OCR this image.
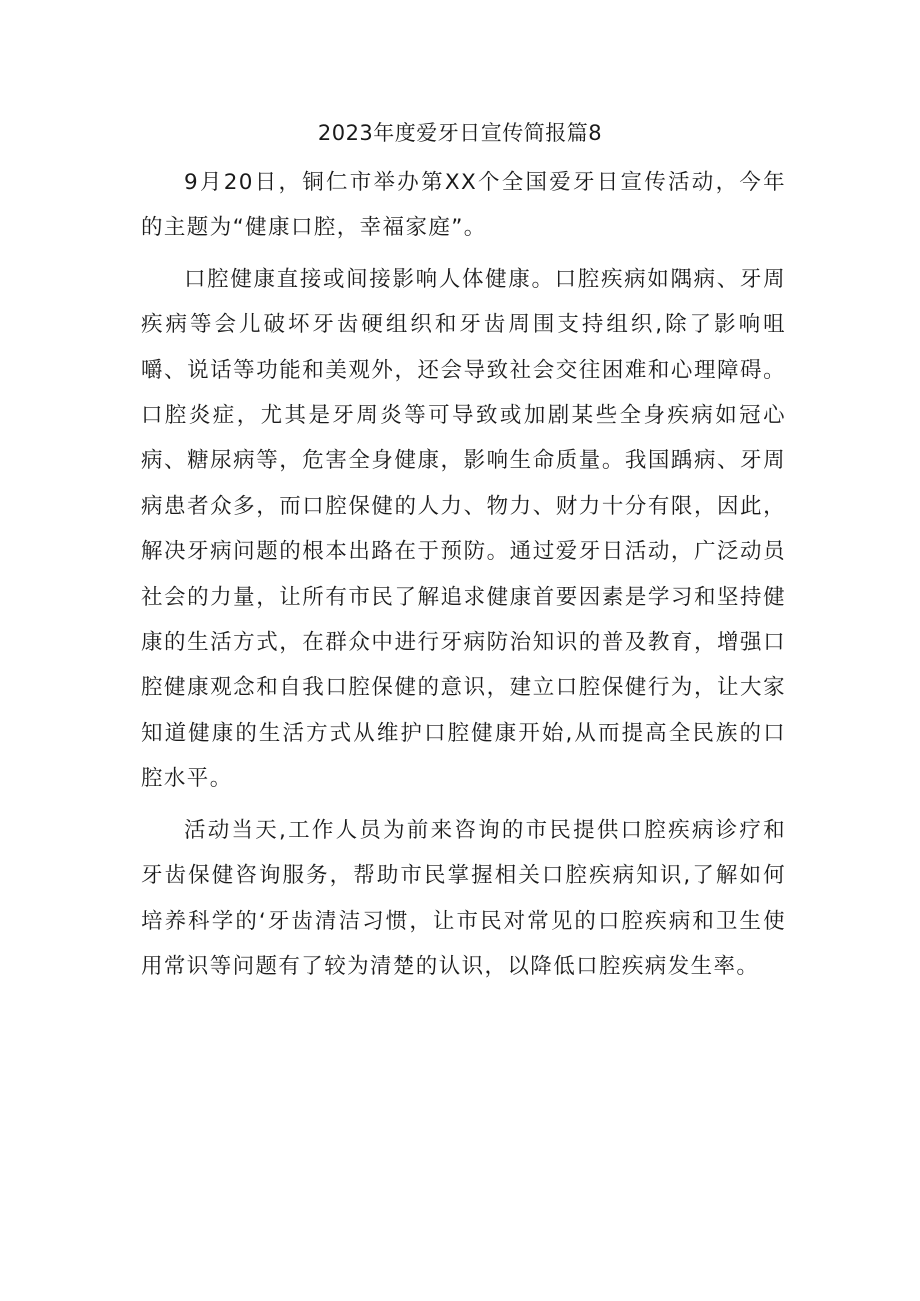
2023年度爱牙日宣传简报篇8

9月20日，铜仁市举办第XX个全国爱牙日宣传活动，今年的主题为“健康口腔，幸福家庭”。

口腔健康直接或间接影响人体健康。口腔疾病如隅病、牙周疾病等会儿破坏牙齿硬组织和牙齿周围支持组织,除了影响咀嚼、说话等功能和美观外，还会导致社会交往困难和心理障碍。口腔炎症，尤其是牙周炎等可导致或加剧某些全身疾病如冠心病、糖尿病等，危害全身健康，影响生命质量。我国踽病、牙周病患者众多，而口腔保健的人力、物力、财力十分有限，因此，解决牙病问题的根本出路在于预防。通过爱牙日活动，广泛动员社会的力量，让所有市民了解追求健康首要因素是学习和坚持健康的生活方式，在群众中进行牙病防治知识的普及教育，增强口腔健康观念和自我口腔保健的意识，建立口腔保健行为，让大家知道健康的生活方式从维护口腔健康开始,从而提高全民族的口腔水平。

活动当天,工作人员为前来咨询的市民提供口腔疾病诊疗和牙齿保健咨询服务，帮助市民掌握相关口腔疾病知识,了解如何培养科学的‘牙齿清洁习惯，让市民对常见的口腔疾病和卫生使用常识等问题有了较为清楚的认识，以降低口腔疾病发生率。
